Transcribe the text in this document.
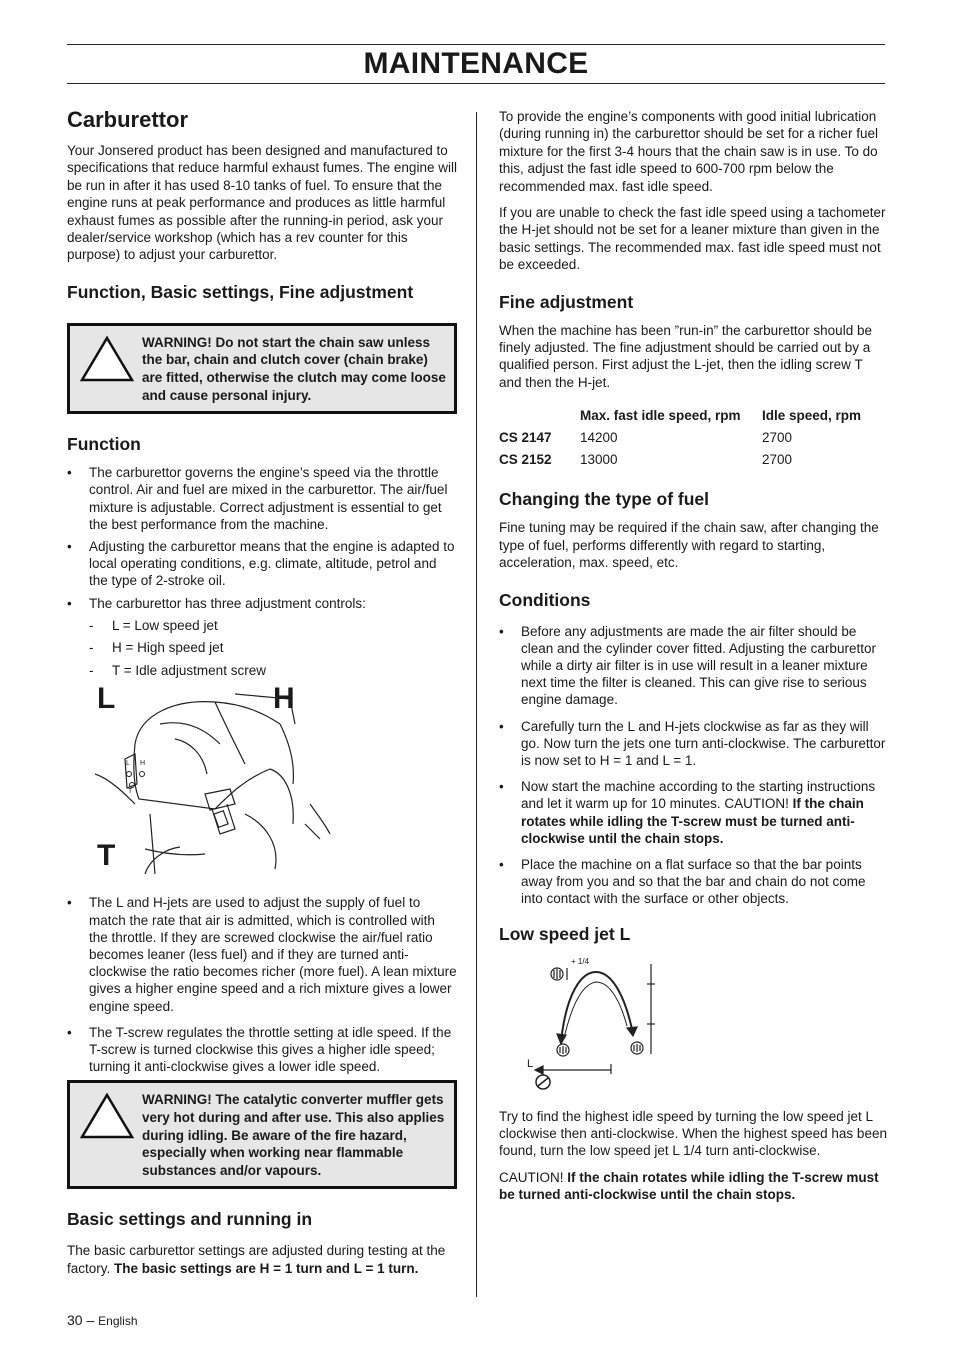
MAINTENANCE
Carburettor

Your Jonsered product has been designed and manufactured to specifications that reduce harmful exhaust fumes. The engine will be run in after it has used 8-10 tanks of fuel. To ensure that the engine runs at peak performance and produces as little harmful exhaust fumes as possible after the running-in period, ask your dealer/service workshop (which has a rev counter for this purpose) to adjust your carburettor.

Function, Basic settings, Fine adjustment
WARNING! Do not start the chain saw unless the bar, chain and clutch cover (chain brake) are fitted, otherwise the clutch may come loose and cause personal injury.
Function
• The carburettor governs the engine’s speed via the throttle control. Air and fuel are mixed in the carburettor. The air/fuel mixture is adjustable. Correct adjustment is essential to get the best performance from the machine.
• Adjusting the carburettor means that the engine is adapted to local operating conditions, e.g. climate, altitude, petrol and the type of 2-stroke oil.
• The carburettor has three adjustment controls:
- L = Low speed jet
- H = High speed jet
- T = Idle adjustment screw
L	H
T
L H
T
• The L and H-jets are used to adjust the supply of fuel to match the rate that air is admitted, which is controlled with the throttle. If they are screwed clockwise the air/fuel ratio becomes leaner (less fuel) and if they are turned anti-clockwise the ratio becomes richer (more fuel). A lean mixture gives a higher engine speed and a rich mixture gives a lower engine speed.
• The T-screw regulates the throttle setting at idle speed. If the T-screw is turned clockwise this gives a higher idle speed; turning it anti-clockwise gives a lower idle speed.
WARNING! The catalytic converter muffler gets very hot during and after use. This also applies during idling. Be aware of the fire hazard, especially when working near flammable substances and/or vapours.
Basic settings and running in

The basic carburettor settings are adjusted during testing at the factory. The basic settings are H = 1 turn and L = 1 turn.

To provide the engine’s components with good initial lubrication (during running in) the carburettor should be set for a richer fuel mixture for the first 3-4 hours that the chain saw is in use. To do this, adjust the fast idle speed to 600-700 rpm below the recommended max. fast idle speed.

If you are unable to check the fast idle speed using a tachometer the H-jet should not be set for a leaner mixture than given in the basic settings. The recommended max. fast idle speed must not be exceeded.

Fine adjustment

When the machine has been ”run-in” the carburettor should be finely adjusted. The fine adjustment should be carried out by a qualified person. First adjust the L-jet, then the idling screw T and then the H-jet.

	Max. fast idle speed, rpm	Idle speed, rpm
CS 2147	14200	2700
CS 2152	13000	2700
Changing the type of fuel

Fine tuning may be required if the chain saw, after changing the type of fuel, performs differently with regard to starting, acceleration, max. speed, etc.

Conditions
• Before any adjustments are made the air filter should be clean and the cylinder cover fitted. Adjusting the carburettor while a dirty air filter is in use will result in a leaner mixture next time the filter is cleaned. This can give rise to serious engine damage.
• Carefully turn the L and H-jets clockwise as far as they will go. Now turn the jets one turn anti-clockwise. The carburettor is now set to H = 1 and L = 1.
• Now start the machine according to the starting instructions and let it warm up for 10 minutes. CAUTION! If the chain rotates while idling the T-screw must be turned anti-clockwise until the chain stops.
• Place the machine on a flat surface so that the bar points away from you and so that the bar and chain do not come into contact with the surface or other objects.
Low speed jet L
+ 1/4
L

Try to find the highest idle speed by turning the low speed jet L clockwise then anti-clockwise. When the highest speed has been found, turn the low speed jet L 1/4 turn anti-clockwise.

CAUTION! If the chain rotates while idling the T-screw must be turned anti-clockwise until the chain stops.

30 – English
